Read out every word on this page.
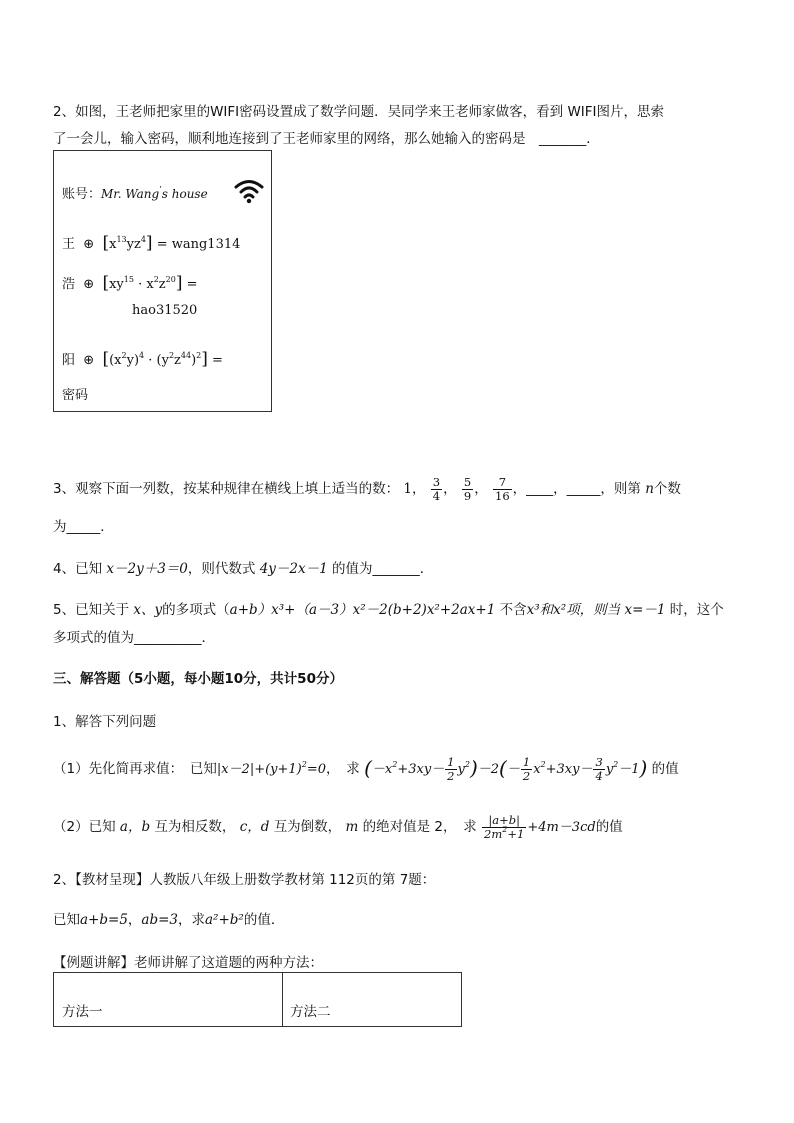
2、如图，王老师把家里的WIFI密码设置成了数学问题．吴同学来王老师家做客，看到 WIFI图片，思索
了一会儿，输入密码，顺利地连接到了王老师家里的网络，那么她输入的密码是　_______．
账号：Mr. Wang’s house
王 ⊕ $[x^{13}yz^4]$ = wang1314
浩 ⊕ $[xy^{15} \cdot x^2z^{20}]$ =
hao31520
阳 ⊕ $[(x^2y)^4 \cdot (y^2z^{44})^2]$ =
密码
3、观察下面一列数，按某种规律在横线上填上适当的数： 1， $\frac{3}{4}$ ， $\frac{5}{9}$ ， $\frac{7}{16}$ ，____，_____，则第 n个数
为_____．
4、已知 x－2y＋3＝0，则代数式 4y－2x－1 的值为_______．
5、已知关于 x、y的多项式（a+b）x³+（a－3）x²－2(b+2)x²+2ax+1 不含x³和x²项，则当 x=－1 时，这个
多项式的值为__________．
三、解答题（5小题，每小题10分，共计50分）
1、解答下列问题
（1）先化简再求值：　已知$|x-2|+(y+1)^2=0$，　求 $(-x^2+3xy- \frac{1}{2} y^2)-2(- \frac{1}{2} x^2+3xy- \frac{3}{4} y^2-1)$ 的值
（2）已知 a，b 互为相反数， c，d 互为倒数， m 的绝对值是 2，　求 $\frac{|a+b|}{2m^2+1} +4m-3cd$的值
2、【教材呈现】人教版八年级上册数学教材第 112页的第 7题：
已知a+b=5，ab=3，求a²+b²的值．
【例题讲解】老师讲解了这道题的两种方法：
方法一	方法二
